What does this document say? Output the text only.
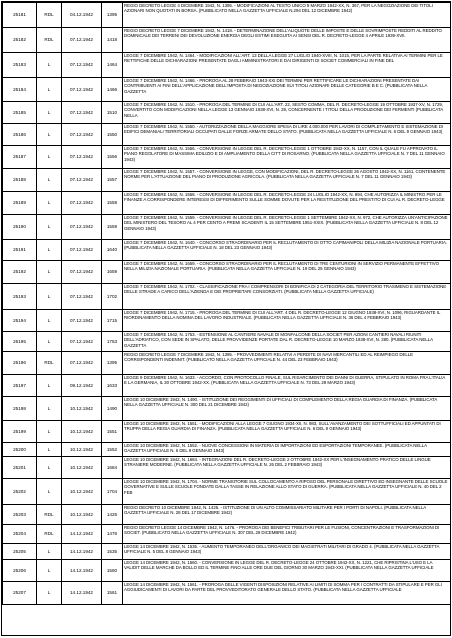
25181	RDL	04.12.1942	1395	REGIO DECRETO LEGGE 4 DICEMBRE 1942, N. 1395. - MODIFICAZIONI AL TESTO UNICO 9 MARZO 1942-XX, N. 367, PER LA NEGOZIAZIONE DEI TITOLI AZIONARI NON QUOTATI IN BORSA. (PUBBLICATO NELLA GAZZETTA UFFICIALE N.294 DEL 12 DICEMBRE 1942)
25182	RDL	07.12.1942	1418	REGIO DECRETO LEGGE 7 DICEMBRE 1942, N. 1418. - DETERMINAZIONE DELL'ALIQUOTE DELLE IMPOSTE E DELLE SOVRIMPOSTE REDDITI AL REDDITO DOMINICALE DEI TERRENI DEI DEVOLUZIONE ENERGIA DEGLI ESTIMI ESEGUITA AI SENSI DEL R. DECRETO-LEGGE 4 APRILE 1939-XVII.
25183	L	07.12.1942	1464	LEGGE 7 DICEMBRE 1942, N. 1464. - MODIFICAZIONI ALL'ART. 13 DELLA LEGGE 27 LUGLIO 1940-XVIII, N. 1015, PER LA PARTE RELATIVA AI TERMINI PER LE RETTIFICHE DELLE DICHIARAZIONI PRESENTATE DAGLI AMMINISTRATORI E DAI DIRIGENTI DI SOCIET COMMERCIALI IN FINE DEL
25184	L	07.12.1942	1466	LEGGE 7 DICEMBRE 1942, N. 1466. - PROROGA AL 28 FEBBRAIO 1943-XXI DEI TERMINI PER RETTIFICARE LE DICHIARAZIONI PRESENTATE DAI CONTRIBUENTI AI FINI DELL'APPLICAZIONE DELL'IMPOSTA DI NEGOZIAZIONE SUI TITOLI AZIONARI DELLE CATEGORIE B E C. (PUBBLICATA NELLA GAZZETTA
25185	L	07.12.1942	1510	LEGGE 7 DICEMBRE 1942, N. 1510. - PROROGA DEL TERMINE DI CUI ALL'ART. 22, SESTO COMMA, DEL R. DECRETO-LEGGE 19 OTTOBRE 1937-XV, N. 1729, CONVERTITO CON MODIFICAZIONI NELLA LEGGE 13 GENNAIO 1938-XVI, N. 29, CONCERNENTE I TITOLI DELLA PRODUZIONE DEI FERMENTI (PUBBLICATA NELLA
25186	L	07.12.1942	1550	LEGGE 7 DICEMBRE 1942, N. 1550. - AUTORIZZAZIONE DELLA MAGGIORE SPESA DI LIRE 4.000.000 PER LAVORI DI COMPLETAMENTO E SISTEMAZIONE DI EDIFICI DEMANIALI TERRITORIALI OCCUPATI DALLE FORZE ARMATE DELLO STATO. (PUBBLICATA NELLA GAZZETTA UFFICIALE N. 6 DEL 9 GENNAIO 1943)
25187	L	07.12.1942	1556	LEGGE 7 DICEMBRE 1942, N. 1556. - CONVERSIONE IN LEGGE DEL R. DECRETO-LEGGE 1 OTTOBRE 1942-XX, N. 1157, CON IL QUALE FU APPROVATO IL PIANO REGOLATORE DI MASSIMA EDILIZIO E DI AMPLIAMENTO DELLA CITT DI ROSARNO. (PUBBLICATA NELLA GAZZETTA UFFICIALE N. 7 DEL 11 GENNAIO 1943)
25188	L	07.12.1942	1557	LEGGE 7 DICEMBRE 1942, N. 1557. - CONVERSIONE IN LEGGE, CON MODIFICAZIONI, DEL R. DECRETO-LEGGE 26 AGOSTO 1942-XX, N. 1161, CONTENENTE NORME PER L'ATTUAZIONE DEL PIANO DI PRODUZIONE AGRICOLA. (PUBBLICATA NELLA GAZZETTA UFFICIALE N. 7 DEL 11 GENNAIO 1943)
25189	L	07.12.1942	1558	LEGGE 7 DICEMBRE 1942, N. 1558. - CONVERSIONE IN LEGGE DEL R. DECRETO-LEGGE 24 LUGLIO 1942-XX, N. 894, CHE AUTORIZZA IL MINISTRO PER LE FINANZE A CORRISPONDERE INTERESSI DI DIFFERIMENTO SULLE SOMME DOVUTE PER LA RESTITUZIONE DEL PRESTITO DI CUI AL R. DECRETO-LEGGE
25190	L	07.12.1942	1559	LEGGE 7 DICEMBRE 1942, N. 1559. - CONVERSIONE IN LEGGE DEL R. DECRETO-LEGGE 1 SETTEMBRE 1942-XX, N. 972, CHE AUTORIZZA UN'ANTICIPAZIONE DEL MINISTERO DEL TESORO AL 4 PER CENTO A PREMI SCADENTI IL 15 SETTEMBRE 1951-XXIX. (PUBBLICATA NELLA GAZZETTA UFFICIALE N. 8 DEL 12 GENNAIO 1943)
25191	L	07.12.1942	1640	LEGGE 7 DICEMBRE 1942, N. 1640. - CONCORSO STRAORDINARIO PER IL RECLUTAMENTO DI OTTO CAPIMANIPOLI DELLA MILIZIA NAZIONALE PORTUARIA. (PUBBLICATA NELLA GAZZETTA UFFICIALE N. 18 DEL 23 GENNAIO 1943)
25192	L	07.12.1942	1659	LEGGE 7 DICEMBRE 1942, N. 1659. - CONCORSO STRAORDINARIO PER IL RECLUTAMENTO DI TRE CENTURIONI IN SERVIZIO PERMANENTE EFFETTIVO NELLA MILIZIA NAZIONALE PORTUARIA. (PUBBLICATA NELLA GAZZETTA UFFICIALE N. 19 DEL 25 GENNAIO 1943)
25193	L	07.12.1942	1702	LEGGE 7 DICEMBRE 1942, N. 1702. - CLASSIFICAZIONE FRA I COMPRENSORI DI BONIFICA DI 2 CATEGORIA DEL TERRITORIO TRASIMENO E SISTEMAZIONE DELLE STRADE A CARICO DELL'AZIENDA E DEI PROPRIETARI CONSORZIATI. (PUBBLICATA NELLA GAZZETTA UFFICIALE)
25194	L	07.12.1942	1715	LEGGE 7 DICEMBRE 1942, N. 1715. - PROROGA DEL TERMINE DI CUI ALL'ART. 4 DEL R. DECRETO-LEGGE 12 GIUGNO 1938-XVI, N. 1096, RIGUARDANTE IL RIORDINAMENTO DELLA NOMINA DEL LAVORO INDUSTRIALE. (PUBBLICATA NELLA GAZZETTA UFFICIALE N. 36 DEL 4 FEBBRAIO 1943)
25195	L	07.12.1942	1753	LEGGE 7 DICEMBRE 1942, N. 1753. - ESTENSIONE AL CANTIERE NAVALE DI MONFALCONE DELLA SOCIET PER AZIONI CANTIERI NAVALI RIUNITI DELL'ADRIATICO, CON SEDE IN SPALATO, DELLE PROVVIDENZE PORTATE DAL R. DECRETO-LEGGE 10 MARZO 1938-XVI, N. 280. (PUBBLICATA NELLA GAZZETTA
25196	RDL	07.12.1942	1395	REGIO DECRETO LEGGE 7 DICEMBRE 1942, N. 1395. - PROVVEDIMENTI RELATIVI A PERDITE DI NAVI MERCANTILI ED AL REIMPIEGO DELLE CORRISPONDENTI INDENNIT. (PUBBLICATO NELLA GAZZETTA UFFICIALE N. 44 DEL 23 FEBBRAIO 1943)
25197	L	09.12.1942	1633	LEGGE 9 DICEMBRE 1942, N. 1633. - ACCORDO, CON PROTOCOLLO FINALE, SUL RISARCIMENTO DEI DANNI DI GUERRA, STIPULATO IN ROMA FRA L'ITALIA E LA GERMANIA, IL 30 OTTOBRE 1942-XX. (PUBBLICATA NELLA GAZZETTA UFFICIALE N. 73 DEL 29 MARZO 1943)
25198	L	10.12.1942	1490	LEGGE 10 DICEMBRE 1942, N. 1490. - ISTITUZIONE DEI REGGIMENTI DI UFFICIALI DI COMPLEMENTO DELLA REGIA GUARDIA DI FINANZA. (PUBBLICATA NELLA GAZZETTA UFFICIALE N. 300 DEL 21 DICEMBRE 1942)
25199	L	10.12.1942	1551	LEGGE 10 DICEMBRE 1942, N. 1551. - MODIFICAZIONI ALLA LEGGE 7 GIUGNO 1934-XII, N. 983, SULL'AVANZAMENTO DEI SOTTUFFICIALI ED APPUNTATI DI TRUPPA DELLA REGIA GUARDIA DI FINANZA. (PUBBLICATA NELLA GAZZETTA UFFICIALE N. 6 DEL 9 GENNAIO 1943)
25200	L	10.12.1942	1552	LEGGE 10 DICEMBRE 1942, N. 1552. - NUOVE CONCESSIONI IN MATERIA DI IMPORTAZIONI ED ESPORTAZIONI TEMPORANEE. (PUBBLICATA NELLA GAZZETTA UFFICIALE N. 6 DEL 9 GENNAIO 1943)
25201	L	10.12.1942	1684	LEGGE 10 DICEMBRE 1942, N. 1684. - INTEGRAZIONI DEL R. DECRETO-LEGGE 2 OTTOBRE 1942-XX PER L'INSEGNAMENTO PRATICO DELLE LINGUE STRANIERE MODERNE. (PUBBLICATA NELLA GAZZETTA UFFICIALE N. 26 DEL 2 FEBBRAIO 1943)
25202	L	10.12.1942	1704	LEGGE 10 DICEMBRE 1942, N. 1704. - NORME TRANSITORIE SUL COLLOCAMENTO A RIPOSO DEL PERSONALE DIRETTIVO ED INSEGNANTE DELLE SCUOLE GOVERNATIVE E SULLE SCUOLE FONDATE DALLA TASSE IN RELAZIONE ALLO STATO DI GUERRA. (PUBBLICATA NELLA GAZZETTA UFFICIALE N. 40 DEL 2 FEB
25203	RDL	10.12.1942	1425	REGIO DECRETO 10 DICEMBRE 1942, N. 1425. - ISTITUZIONE DI UN ALTO COMMISSARIATO MILITARE PER I PORTI DI NAPOLI. (PUBBLICATA NELLA GAZZETTA UFFICIALE N. 28 DEL 17 DICEMBRE 1942)
25204	RDL	14.12.1942	1476	REGIO DECRETO LEGGE 14 DICEMBRE 1942, N. 1476. - PROROGA DEI BENEFICI TRIBUTARI PER LE FUSIONI, CONCENTRAZIONI E TRASFORMAZIONI DI SOCIET. (PUBBLICATO NELLA GAZZETTA UFFICIALE N. 307 DEL 29 DICEMBRE 1942)
25205	L	14.12.1942	1535	LEGGE 14 DICEMBRE 1942, N. 1535. - AUMENTO TEMPORANEO DELL'ORGANICO DEI MAGISTRATI MILITARI DI GRADO 4. (PUBBLICATA NELLA GAZZETTA UFFICIALE N. 5 DEL 8 GENNAIO 1943)
25206	L	14.12.1942	1560	LEGGE 14 DICEMBRE 1942, N. 1560. - CONVERSIONE IN LEGGE DEL R. DECRETO-LEGGE 24 OTTOBRE 1942-XX, N. 1221, CHE RIPRISTINA L'USO E LA VALIDIT DELLE MARCHE DA BOLLO ED IL TERMINE FINO ALLE ORE DUE DEL GIORNO 30 MARZO 1943-XXI. (PUBBLICATA NELLA GAZZETTA UFFICIALE
25207	L	14.12.1942	1561	LEGGE 14 DICEMBRE 1942, N. 1561. - PROROGA DELLE VIGENTI DISPOSIZIONI RELATIVE AI LIMITI DI SOMMA PER I CONTRATTI DA STIPULARE E PER GLI AGGIUDICAMENTI DI LAVORI DA PARTE DEL PROVVEDITORATO GENERALE DELLO STATO. (PUBBLICATA NELLA GAZZETTA UFFICIALE
